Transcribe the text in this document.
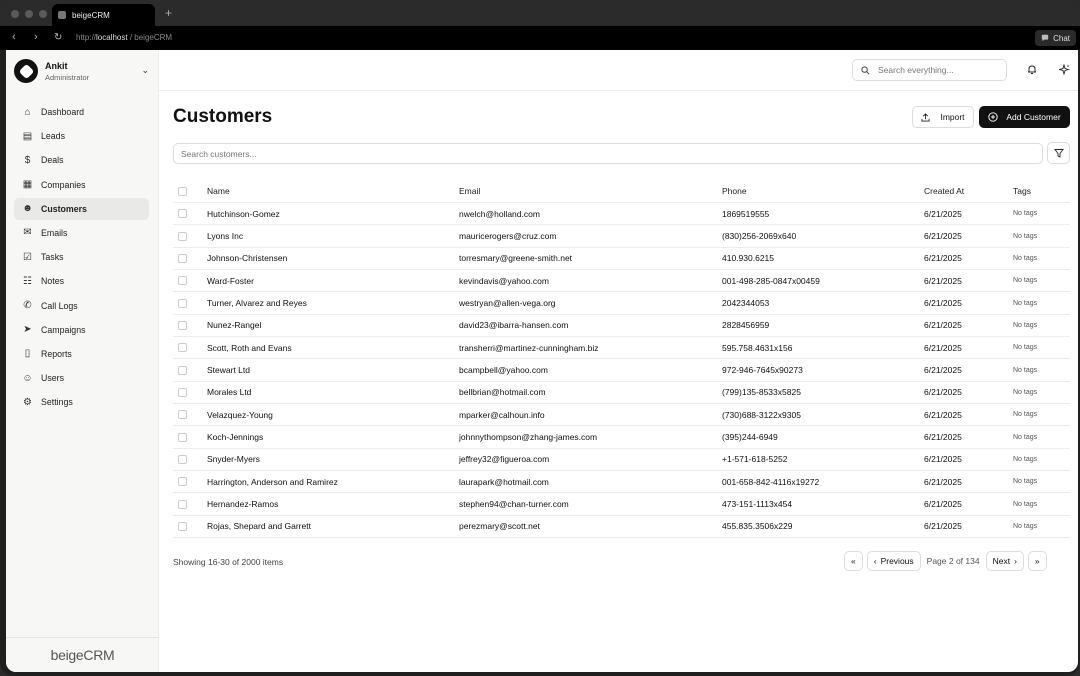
beigeCRM	+
‹ › ↻ http://localhost / beigeCRM	Chat
Ankit
Administrator
⌄
⌂ Dashboard
▤ Leads
$	Deals
▦ Companies
☻ Customers
✉ Emails
☑ Tasks
☷ Notes
✆ Call Logs
➤ Campaigns
▯	Reports
☺ Users
⚙ Settings
beigeCRM
Search everything...
Customers	Import	Add Customer
Search customers...
Name	Email	Phone	Created At	Tags
Hutchinson-Gomez	nwelch@holland.com	1869519555	6/21/2025	No tags
Lyons Inc	mauricerogers@cruz.com	(830)256-2069x640	6/21/2025	No tags
Johnson-Christensen	torresmary@greene-smith.net	410.930.6215	6/21/2025	No tags
Ward-Foster	kevindavis@yahoo.com	001-498-285-0847x00459	6/21/2025	No tags
Turner, Alvarez and Reyes	westryan@allen-vega.org	2042344053	6/21/2025	No tags
Nunez-Rangel	david23@ibarra-hansen.com	2828456959	6/21/2025	No tags
Scott, Roth and Evans	transherri@martinez-cunningham.biz	595.758.4631x156	6/21/2025	No tags
Stewart Ltd	bcampbell@yahoo.com	972-946-7645x90273	6/21/2025	No tags
Morales Ltd	bellbrian@hotmail.com	(799)135-8533x5825	6/21/2025	No tags
Velazquez-Young	mparker@calhoun.info	(730)688-3122x9305	6/21/2025	No tags
Koch-Jennings	johnnythompson@zhang-james.com	(395)244-6949	6/21/2025	No tags
Snyder-Myers	jeffrey32@figueroa.com	+1-571-618-5252	6/21/2025	No tags
Harrington, Anderson and Ramirez	laurapark@hotmail.com	001-658-842-4116x19272	6/21/2025	No tags
Hernandez-Ramos	stephen94@chan-turner.com	473-151-1113x454	6/21/2025	No tags
Rojas, Shepard and Garrett	perezmary@scott.net	455.835.3506x229	6/21/2025	No tags
Showing 16-30 of 2000 items	«	‹ Previous Page 2 of 134 Next ›	»
